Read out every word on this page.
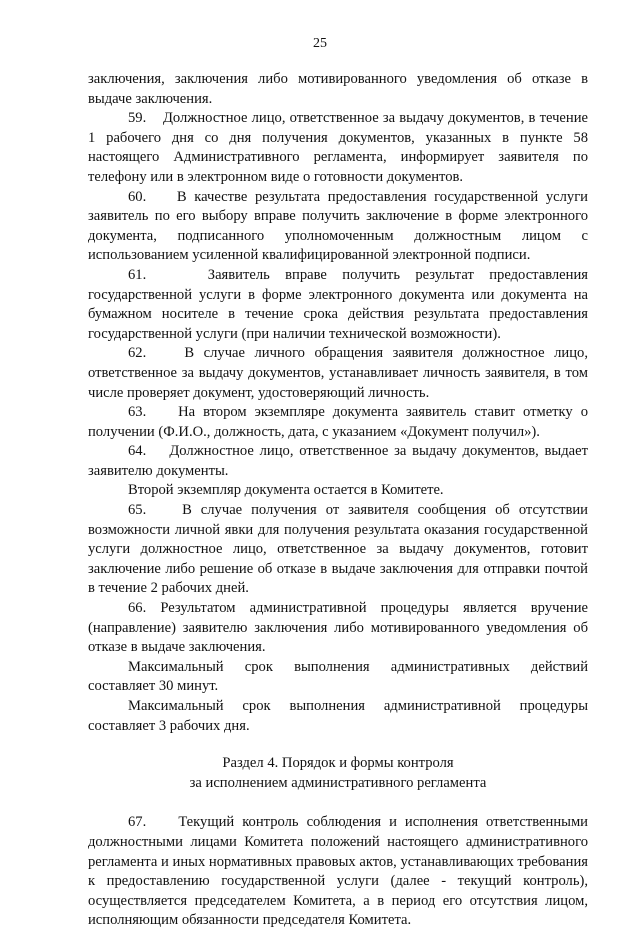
25

заключения, заключения либо мотивированного уведомления об отказе в выдаче заключения.

59.    Должностное лицо, ответственное за выдачу документов, в течение 1 рабочего дня со дня получения документов, указанных в пункте 58 настоящего Административного регламента, информирует заявителя по телефону или в электронном виде о готовности документов.

60.    В качестве результата предоставления государственной услуги заявитель по его выбору вправе получить заключение в форме электронного документа, подписанного уполномоченным должностным лицом с использованием усиленной квалифицированной электронной подписи.

61.    Заявитель вправе получить результат предоставления государственной услуги в форме электронного документа или документа на бумажном носителе в течение срока действия результата предоставления государственной услуги (при наличии технической возможности).

62.    В случае личного обращения заявителя должностное лицо, ответственное за выдачу документов, устанавливает личность заявителя, в том числе проверяет документ, удостоверяющий личность.

63.    На втором экземпляре документа заявитель ставит отметку о получении (Ф.И.О., должность, дата, с указанием «Документ получил»).

64.    Должностное лицо, ответственное за выдачу документов, выдает заявителю документы.

Второй экземпляр документа остается в Комитете.

65.    В случае получения от заявителя сообщения об отсутствии возможности личной явки для получения результата оказания государственной услуги должностное лицо, ответственное за выдачу документов, готовит заключение либо решение об отказе в выдаче заключения для отправки почтой в течение 2 рабочих дней.

66. Результатом административной процедуры является вручение (направление) заявителю заключения либо мотивированного уведомления об отказе в выдаче заключения.

Максимальный срок выполнения административных действий составляет 30 минут.

Максимальный срок выполнения административной процедуры составляет 3 рабочих дня.

Раздел 4. Порядок и формы контроля

за исполнением административного регламента

67.    Текущий контроль соблюдения и исполнения ответственными должностными лицами Комитета положений настоящего административного регламента и иных нормативных правовых актов, устанавливающих требования к предоставлению государственной услуги (далее - текущий контроль), осуществляется председателем Комитета, а в период его отсутствия лицом, исполняющим обязанности председателя Комитета.
